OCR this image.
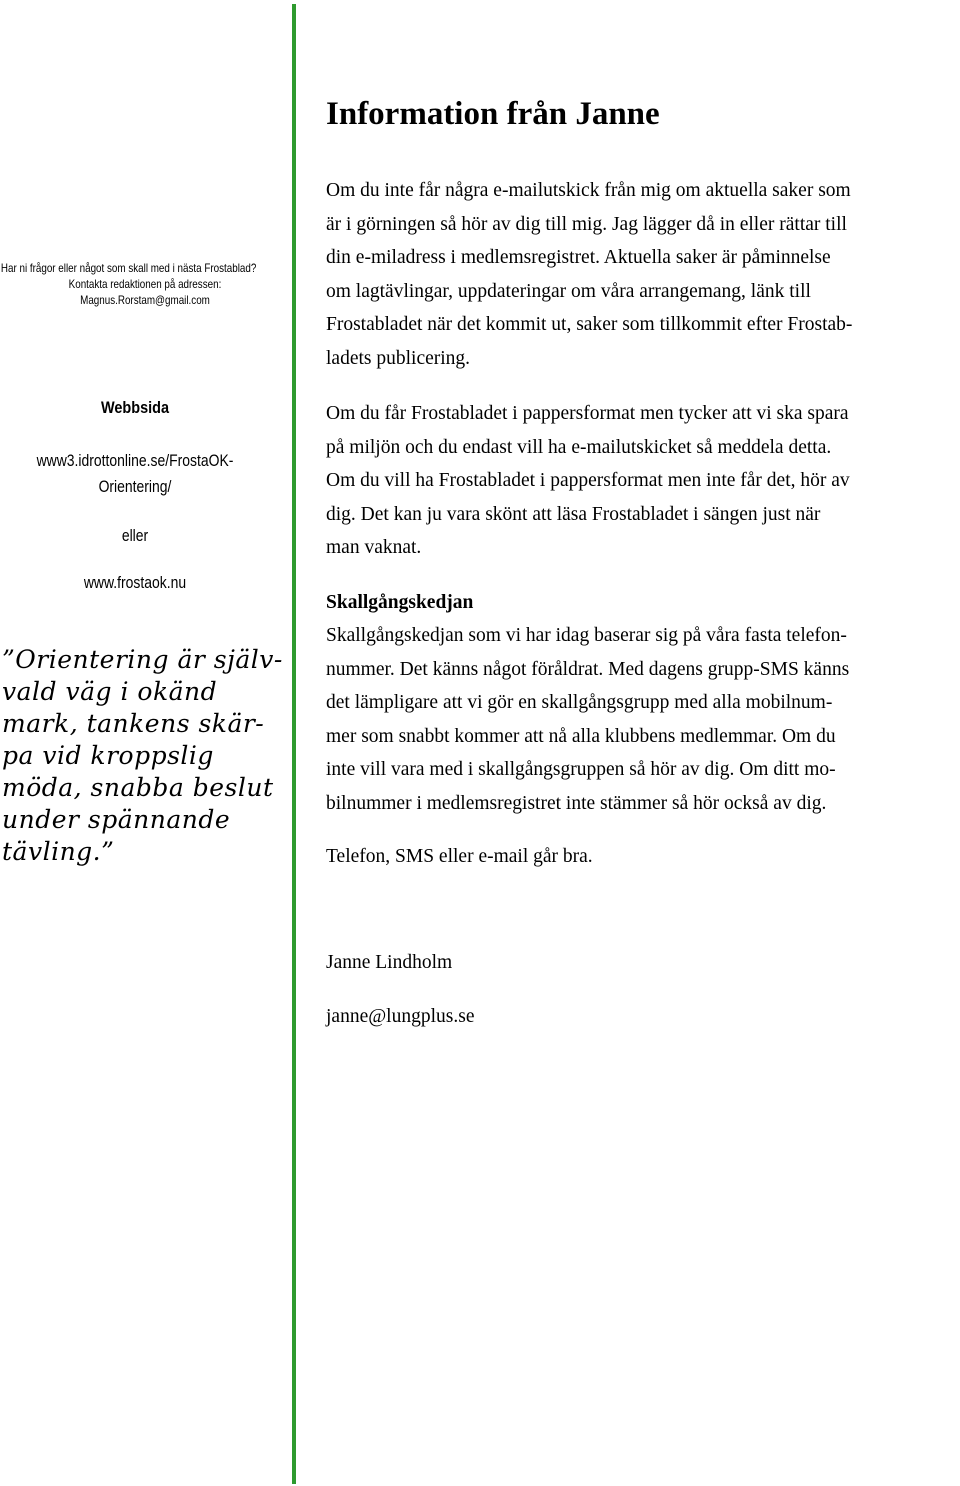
Har ni frågor eller något som skall med i nästa Frostablad?
Kontakta redaktionen på adressen:
Magnus.Rorstam@gmail.com
Webbsida
www3.idrottonline.se/FrostaOK-
Orientering/
eller
www.frostaok.nu
”Orientering är själv-
vald väg i okänd
mark, tankens skär-
pa vid kroppslig
möda, snabba beslut
under spännande
tävling.”
Information från Janne
Om du inte får några e-mailutskick från mig om aktuella saker som
är i görningen så hör av dig till mig. Jag lägger då in eller rättar till
din e-miladress i medlemsregistret. Aktuella saker är påminnelse
om lagtävlingar, uppdateringar om våra arrangemang, länk till
Frostabladet när det kommit ut, saker som tillkommit efter Frostab-
ladets publicering.
Om du får Frostabladet i pappersformat men tycker att vi ska spara
på miljön och du endast vill ha e-mailutskicket så meddela detta.
Om du vill ha Frostabladet i pappersformat men inte får det, hör av
dig. Det kan ju vara skönt att läsa Frostabladet i sängen just när
man vaknat.
Skallgångskedjan
Skallgångskedjan som vi har idag baserar sig på våra fasta telefon-
nummer. Det känns något föråldrat. Med dagens grupp-SMS känns
det lämpligare att vi gör en skallgångsgrupp med alla mobilnum-
mer som snabbt kommer att nå alla klubbens medlemmar. Om du
inte vill vara med i skallgångsgruppen så hör av dig. Om ditt mo-
bilnummer i medlemsregistret inte stämmer så hör också av dig.
Telefon, SMS eller e-mail går bra.
Janne Lindholm
janne@lungplus.se
